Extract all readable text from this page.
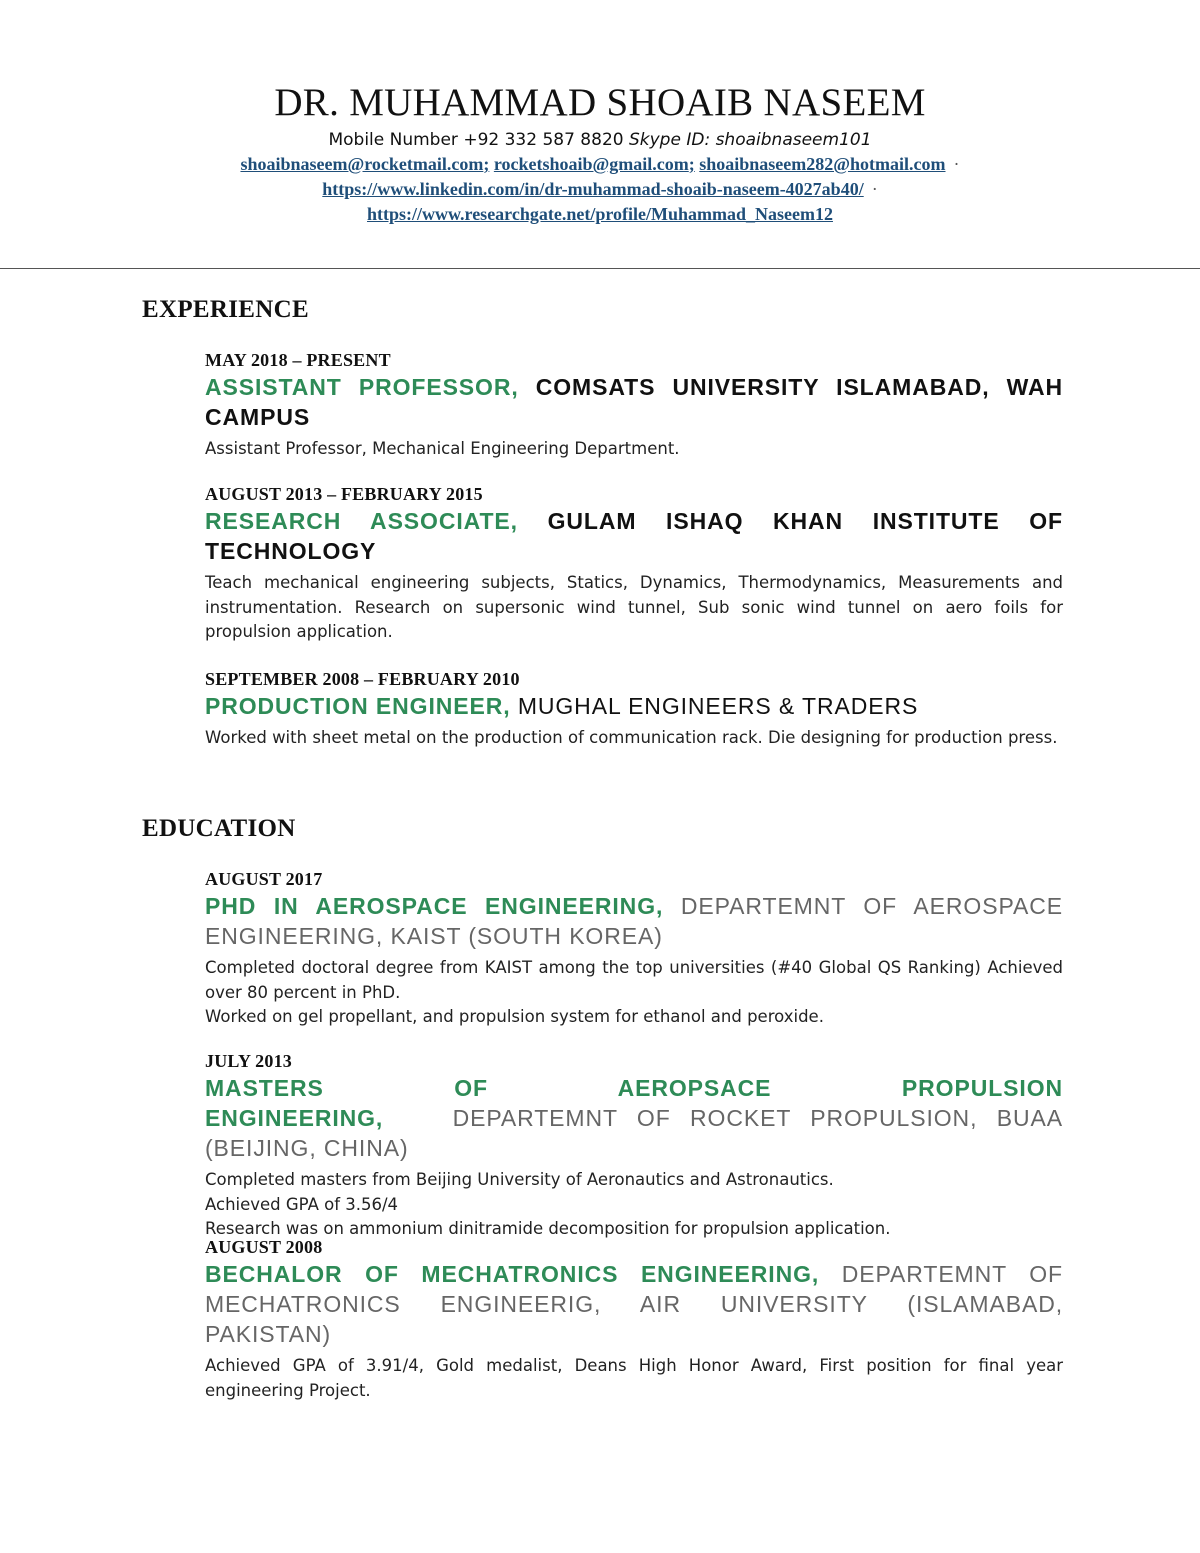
DR. MUHAMMAD SHOAIB NASEEM
Mobile Number +92 332 587 8820 Skype ID: shoaibnaseem101
shoaibnaseem@rocketmail.com; rocketshoaib@gmail.com; shoaibnaseem282@hotmail.com ·
https://www.linkedin.com/in/dr-muhammad-shoaib-naseem-4027ab40/ ·
https://www.researchgate.net/profile/Muhammad_Naseem12
EXPERIENCE
MAY 2018 – PRESENT
ASSISTANT PROFESSOR, COMSATS UNIVERSITY ISLAMABAD, WAH CAMPUS
Assistant Professor, Mechanical Engineering Department.
AUGUST 2013 – FEBRUARY 2015
RESEARCH ASSOCIATE, GULAM ISHAQ KHAN INSTITUTE OF TECHNOLOGY
Teach mechanical engineering subjects, Statics, Dynamics, Thermodynamics, Measurements and instrumentation. Research on supersonic wind tunnel, Sub sonic wind tunnel on aero foils for propulsion application.
SEPTEMBER 2008 – FEBRUARY 2010
PRODUCTION ENGINEER, MUGHAL ENGINEERS & TRADERS
Worked with sheet metal on the production of communication rack. Die designing for production press.
EDUCATION
AUGUST 2017
PHD IN AEROSPACE ENGINEERING, DEPARTEMNT OF AEROSPACE ENGINEERING, KAIST (SOUTH KOREA)
Completed doctoral degree from KAIST among the top universities (#40 Global QS Ranking) Achieved over 80 percent in PhD.
Worked on gel propellant, and propulsion system for ethanol and peroxide.
JULY 2013
MASTERS OF AEROPSACE PROPULSION ENGINEERING,	DEPARTEMNT OF ROCKET PROPULSION, BUAA (BEIJING, CHINA)
Completed masters from Beijing University of Aeronautics and Astronautics.
Achieved GPA of 3.56/4
Research was on ammonium dinitramide decomposition for propulsion application.
AUGUST 2008
BECHALOR OF MECHATRONICS ENGINEERING, DEPARTEMNT OF MECHATRONICS ENGINEERIG, AIR UNIVERSITY (ISLAMABAD, PAKISTAN)
Achieved GPA of 3.91/4, Gold medalist, Deans High Honor Award, First position for final year engineering Project.
